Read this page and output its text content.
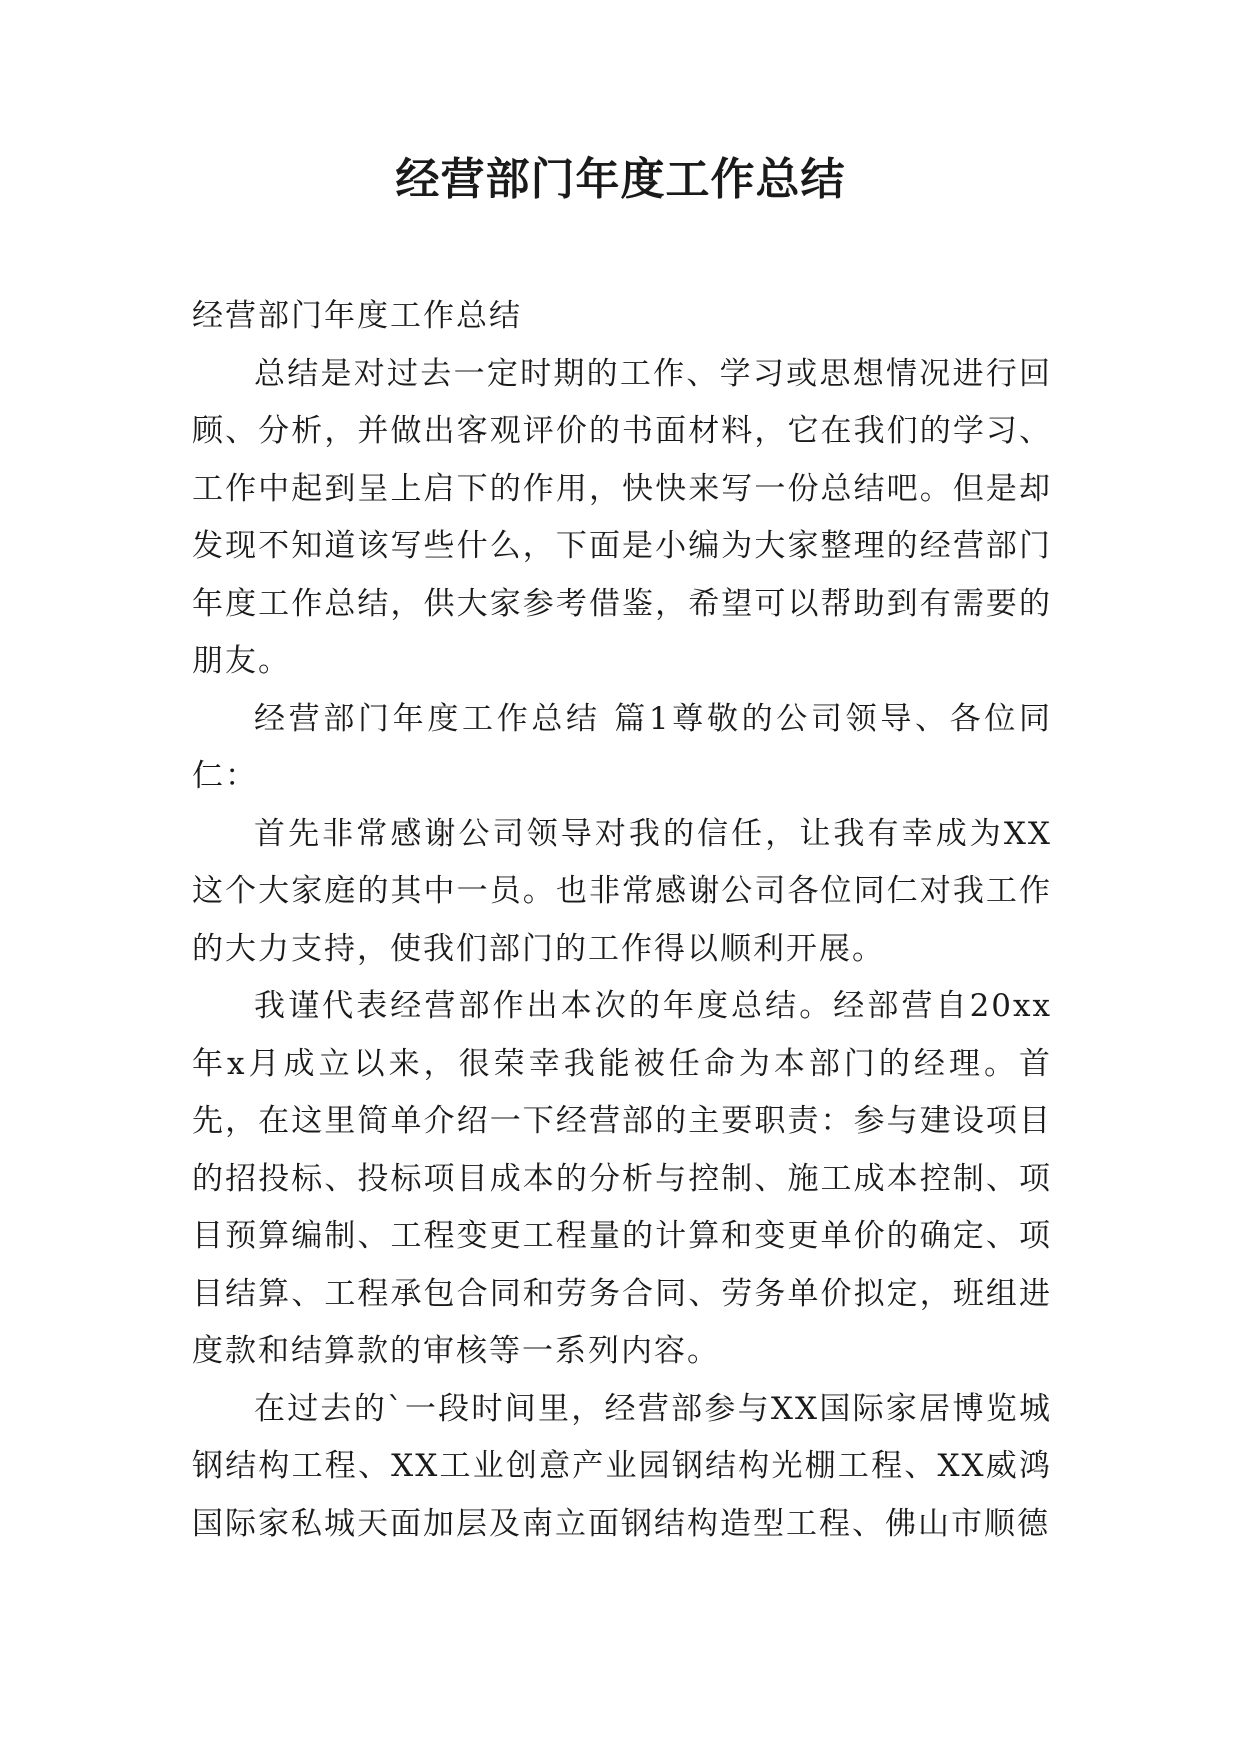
经营部门年度工作总结

经营部门年度工作总结

总结是对过去一定时期的工作、学习或思想情况进行回顾、分析，并做出客观评价的书面材料，它在我们的学习、工作中起到呈上启下的作用，快快来写一份总结吧。但是却发现不知道该写些什么，下面是小编为大家整理的经营部门年度工作总结，供大家参考借鉴，希望可以帮助到有需要的朋友。

经营部门年度工作总结 篇1尊敬的公司领导、各位同仁：

首先非常感谢公司领导对我的信任，让我有幸成为XX这个大家庭的其中一员。也非常感谢公司各位同仁对我工作的大力支持，使我们部门的工作得以顺利开展。

我谨代表经营部作出本次的年度总结。经部营自20xx年x月成立以来，很荣幸我能被任命为本部门的经理。首先，在这里简单介绍一下经营部的主要职责：参与建设项目的招投标、投标项目成本的分析与控制、施工成本控制、项目预算编制、工程变更工程量的计算和变更单价的确定、项目结算、工程承包合同和劳务合同、劳务单价拟定，班组进度款和结算款的审核等一系列内容。

在过去的`一段时间里，经营部参与XX国际家居博览城钢结构工程、XX工业创意产业园钢结构光棚工程、XX威鸿国际家私城天面加层及南立面钢结构造型工程、佛山市顺德
